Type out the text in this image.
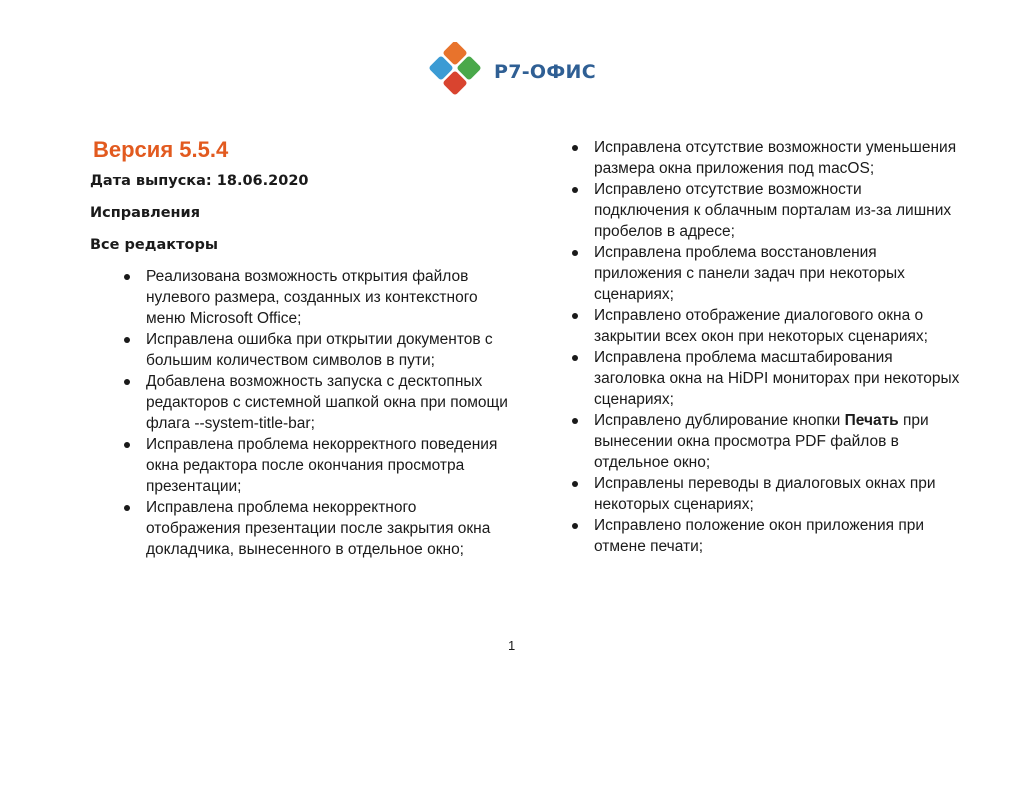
Р7-ОФИС
Версия 5.5.4
Дата выпуска: 18.06.2020
Исправления
Все редакторы
Реализована возможность открытия файлов нулевого размера, созданных из контекстного меню Microsoft Office;
Исправлена ошибка при открытии документов с большим количеством символов в пути;
Добавлена возможность запуска с десктопных редакторов с системной шапкой окна при помощи флага --system-title-bar;
Исправлена проблема некорректного поведения окна редактора после окончания просмотра презентации;
Исправлена проблема некорректного отображения презентации после закрытия окна докладчика, вынесенного в отдельное окно;
Исправлена отсутствие возможности уменьшения размера окна приложения под macOS;
Исправлено отсутствие возможности подключения к облачным порталам из-за лишних пробелов в адресе;
Исправлена проблема восстановления приложения с панели задач при некоторых сценариях;
Исправлено отображение диалогового окна о закрытии всех окон при некоторых сценариях;
Исправлена проблема масштабирования заголовка окна на HiDPI мониторах при некоторых сценариях;
Исправлено дублирование кнопки Печать при вынесении окна просмотра PDF файлов в отдельное окно;
Исправлены переводы в диалоговых окнах при некоторых сценариях;
Исправлено положение окон приложения при отмене печати;
1
